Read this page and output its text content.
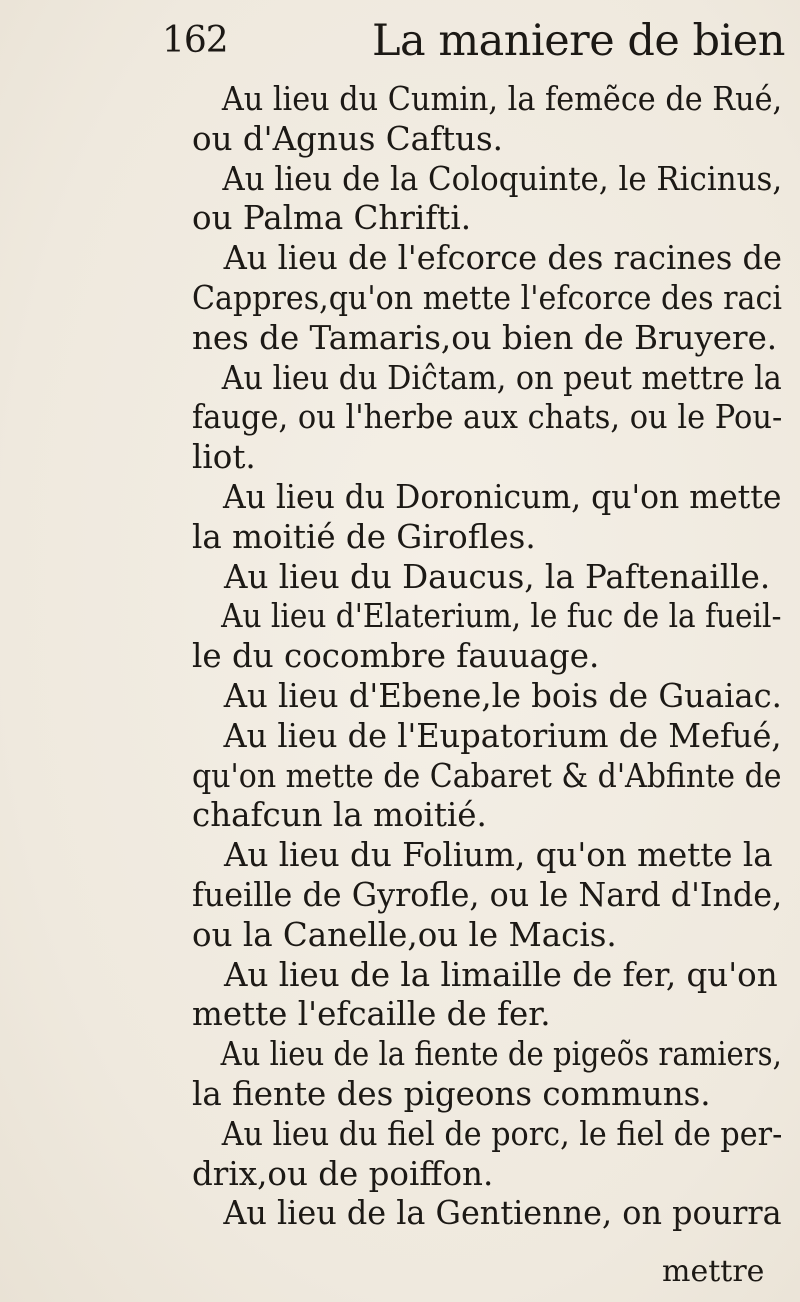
162	La maniere de bien
Au lieu du Cumin, la femẽce de Rué,
ou d'Agnus Caftus.
Au lieu de la Coloquinte, le Ricinus,
ou Palma Chrifti.
Au lieu de l'efcorce des racines de
Cappres,qu'on mette l'efcorce des raci
nes de Tamaris,ou bien de Bruyere.
Au lieu du Diĉtam, on peut mettre la
fauge, ou l'herbe aux chats, ou le Pou-
liot.
Au lieu du Doronicum, qu'on mette
la moitié de Girofles.
Au lieu du Daucus, la Paftenaille.
Au lieu d'Elaterium, le fuc de la fueil-
le du cocombre fauuage.
Au lieu d'Ebene,le bois de Guaiac.
Au lieu de l'Eupatorium de Mefué,
qu'on mette de Cabaret & d'Abfinte de
chafcun la moitié.
Au lieu du Folium, qu'on mette la
fueille de Gyrofle, ou le Nard d'Inde,
ou la Canelle,ou le Macis.
Au lieu de la limaille de fer, qu'on
mette l'efcaille de fer.
Au lieu de la fiente de pigeõs ramiers,
la fiente des pigeons communs.
Au lieu du fiel de porc, le fiel de per-
drix,ou de poiffon.
Au lieu de la Gentienne, on pourra
mettre
